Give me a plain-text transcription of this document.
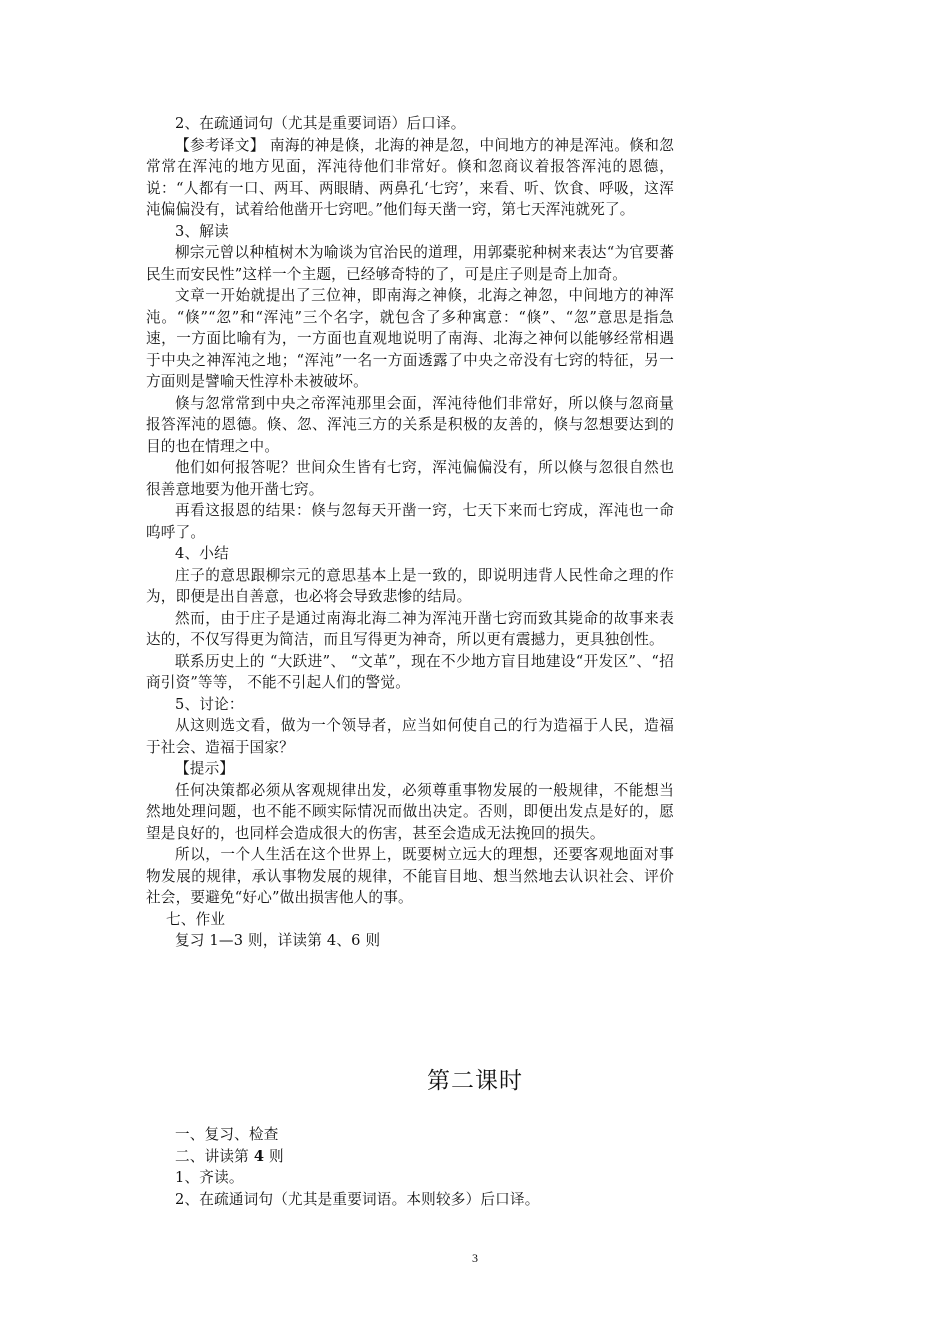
2、在疏通词句（尤其是重要词语）后口译。

【参考译文】 南海的神是倏，北海的神是忽，中间地方的神是浑沌。倏和忽常常在浑沌的地方见面，浑沌待他们非常好。倏和忽商议着报答浑沌的恩德，说：“人都有一口、两耳、两眼睛、两鼻孔‘七窍’，来看、听、饮食、呼吸，这浑沌偏偏没有，试着给他凿开七窍吧。”他们每天凿一窍，第七天浑沌就死了。

3、解读

柳宗元曾以种植树木为喻谈为官治民的道理，用郭橐驼种树来表达“为官要蕃民生而安民性”这样一个主题，已经够奇特的了，可是庄子则是奇上加奇。

文章一开始就提出了三位神，即南海之神倏，北海之神忽，中间地方的神浑沌。“倏”“忽”和“浑沌”三个名字，就包含了多种寓意：“倏”、“忽”意思是指急速，一方面比喻有为，一方面也直观地说明了南海、北海之神何以能够经常相遇于中央之神浑沌之地；“浑沌”一名一方面透露了中央之帝没有七窍的特征，另一方面则是譬喻天性淳朴未被破坏。

倏与忽常常到中央之帝浑沌那里会面，浑沌待他们非常好，所以倏与忽商量报答浑沌的恩德。倏、忽、浑沌三方的关系是积极的友善的，倏与忽想要达到的目的也在情理之中。

他们如何报答呢？世间众生皆有七窍，浑沌偏偏没有，所以倏与忽很自然也很善意地要为他开凿七窍。

再看这报恩的结果：倏与忽每天开凿一窍，七天下来而七窍成，浑沌也一命呜呼了。

4、小结

庄子的意思跟柳宗元的意思基本上是一致的，即说明违背人民性命之理的作为，即便是出自善意，也必将会导致悲惨的结局。

然而，由于庄子是通过南海北海二神为浑沌开凿七窍而致其毙命的故事来表达的，不仅写得更为简洁，而且写得更为神奇，所以更有震撼力，更具独创性。

联系历史上的 “大跃进”、 “文革”，现在不少地方盲目地建设“开发区”、“招商引资”等等， 不能不引起人们的警觉。

5、讨论：

从这则选文看，做为一个领导者，应当如何使自己的行为造福于人民，造福于社会、造福于国家？

【提示】

任何决策都必须从客观规律出发，必须尊重事物发展的一般规律，不能想当然地处理问题，也不能不顾实际情况而做出决定。否则，即便出发点是好的，愿望是良好的，也同样会造成很大的伤害，甚至会造成无法挽回的损失。

所以，一个人生活在这个世界上，既要树立远大的理想，还要客观地面对事物发展的规律，承认事物发展的规律，不能盲目地、想当然地去认识社会、评价社会，要避免“好心”做出损害他人的事。

七、作业

复习 1—3 则，详读第 4、6 则

第二课时

一、复习、检查

二、讲读第 4 则

1、齐读。

2、在疏通词句（尤其是重要词语。本则较多）后口译。

3
